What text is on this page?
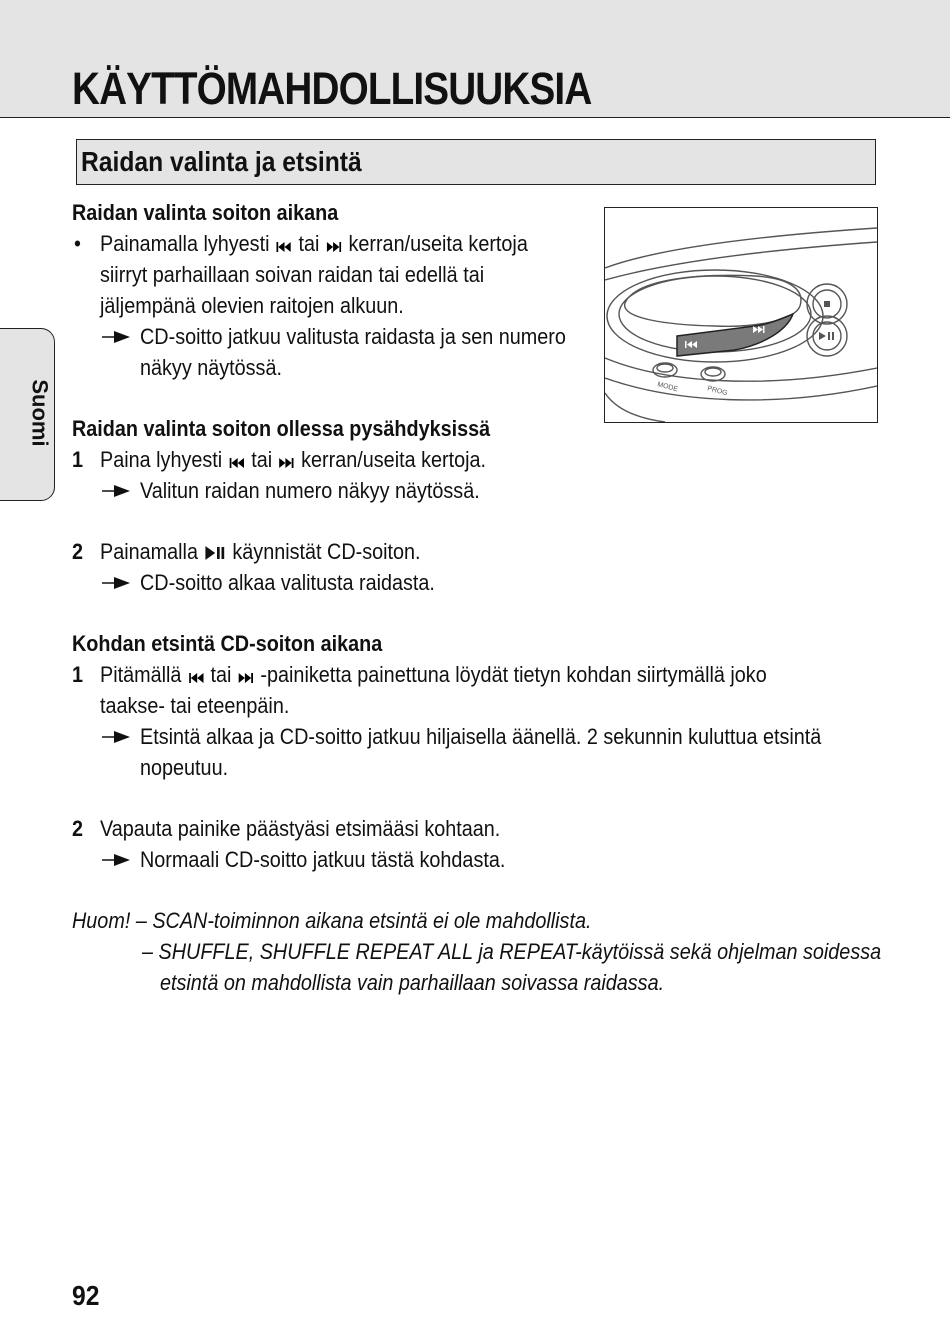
KÄYTTÖMAHDOLLISUUKSIA
Raidan valinta ja etsintä
Suomi	MODE	PROG
Raidan valinta soiton aikana
• Painamalla lyhyesti tai kerran/useita kertoja
siirryt parhaillaan soivan raidan tai edellä tai
jäljempänä olevien raitojen alkuun.
CD-soitto jatkuu valitusta raidasta ja sen numero
näkyy näytössä.
Raidan valinta soiton ollessa pysähdyksissä
1 Paina lyhyesti tai kerran/useita kertoja.
Valitun raidan numero näkyy näytössä.
2 Painamalla käynnistät CD-soiton.
CD-soitto alkaa valitusta raidasta.
Kohdan etsintä CD-soiton aikana
1 Pitämällä tai -painiketta painettuna löydät tietyn kohdan siirtymällä joko
taakse- tai eteenpäin.
Etsintä alkaa ja CD-soitto jatkuu hiljaisella äänellä. 2 sekunnin kuluttua etsintä
nopeutuu.
2 Vapauta painike päästyäsi etsimääsi kohtaan.
Normaali CD-soitto jatkuu tästä kohdasta.
Huom! – SCAN-toiminnon aikana etsintä ei ole mahdollista.
– SHUFFLE, SHUFFLE REPEAT ALL ja REPEAT-käytöissä sekä ohjelman soidessa
etsintä on mahdollista vain parhaillaan soivassa raidassa.
92
